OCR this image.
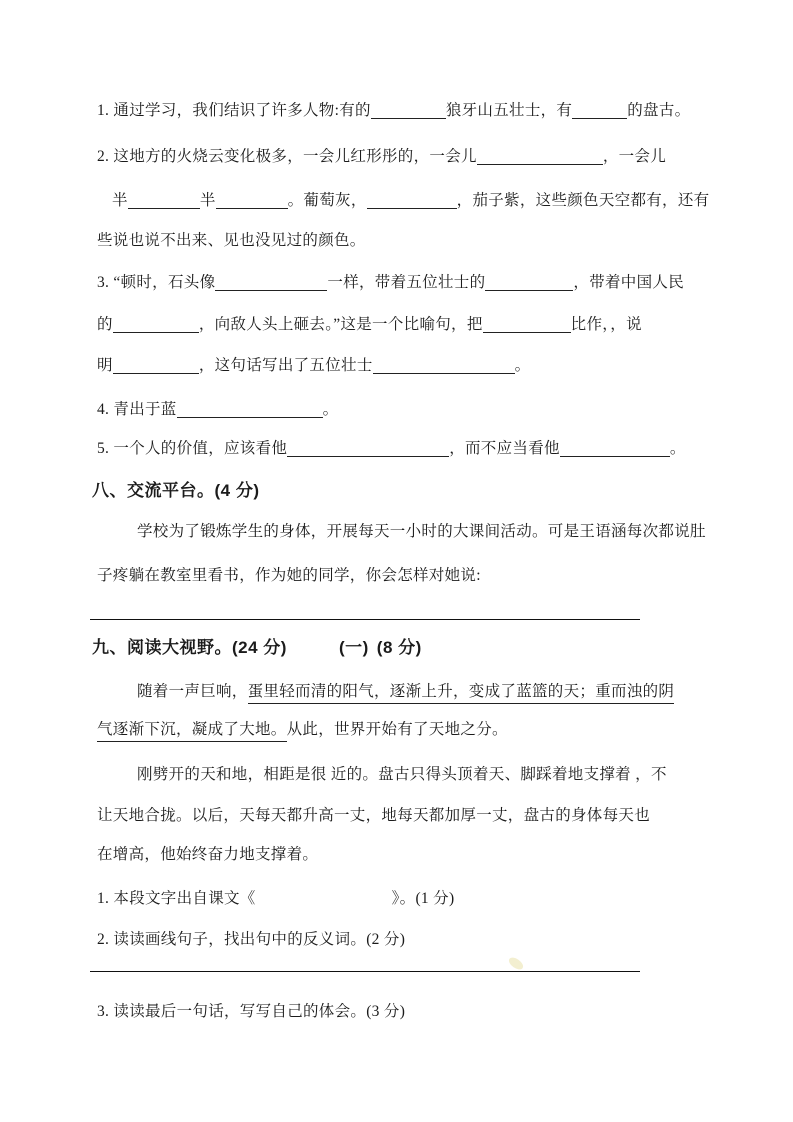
1. 通过学习，我们结识了许多人物:有的	狼牙山五壮士，有	的盘古。
2. 这地方的火烧云变化极多，一会儿红形彤的，一会儿	，一会儿
半	半	。葡萄灰，	，茄子紫，这些颜色天空都有，还有
些说也说不出来、见也没见过的颜色。
3. “顿时，石头像	一样，带着五位壮士的	，带着中国人民
的	，向敌人头上砸去。”这是一个比喻句，把	比作，，说
明	，这句话写出了五位壮士	。
4. 青出于蓝	。
5. 一个人的价值，应该看他	，而不应当看他	。
八、交流平台。(4 分)
学校为了锻炼学生的身体，开展每天一小时的大课间活动。可是王语涵每次都说肚
子疼躺在教室里看书，作为她的同学，你会怎样对她说:
九、阅读大视野。(24 分)	(一) (8 分)
随着一声巨响，蛋里轻而清的阳气，逐渐上升，变成了蓝篮的天；重而浊的阴
气逐渐下沉，凝成了大地。从此，世界开始有了天地之分。
刚劈开的天和地，相距是很 近的。盘古只得头顶着天、脚踩着地支撑着 ，不
让天地合拢。以后，天每天都升高一丈，地每天都加厚一丈，盘古的身体每天也
在增高，他始终奋力地支撑着。
1. 本段文字出自课文《	》。(1 分)
2. 读读画线句子，找出句中的反义词。(2 分)
3. 读读最后一句话，写写自己的体会。(3 分)
